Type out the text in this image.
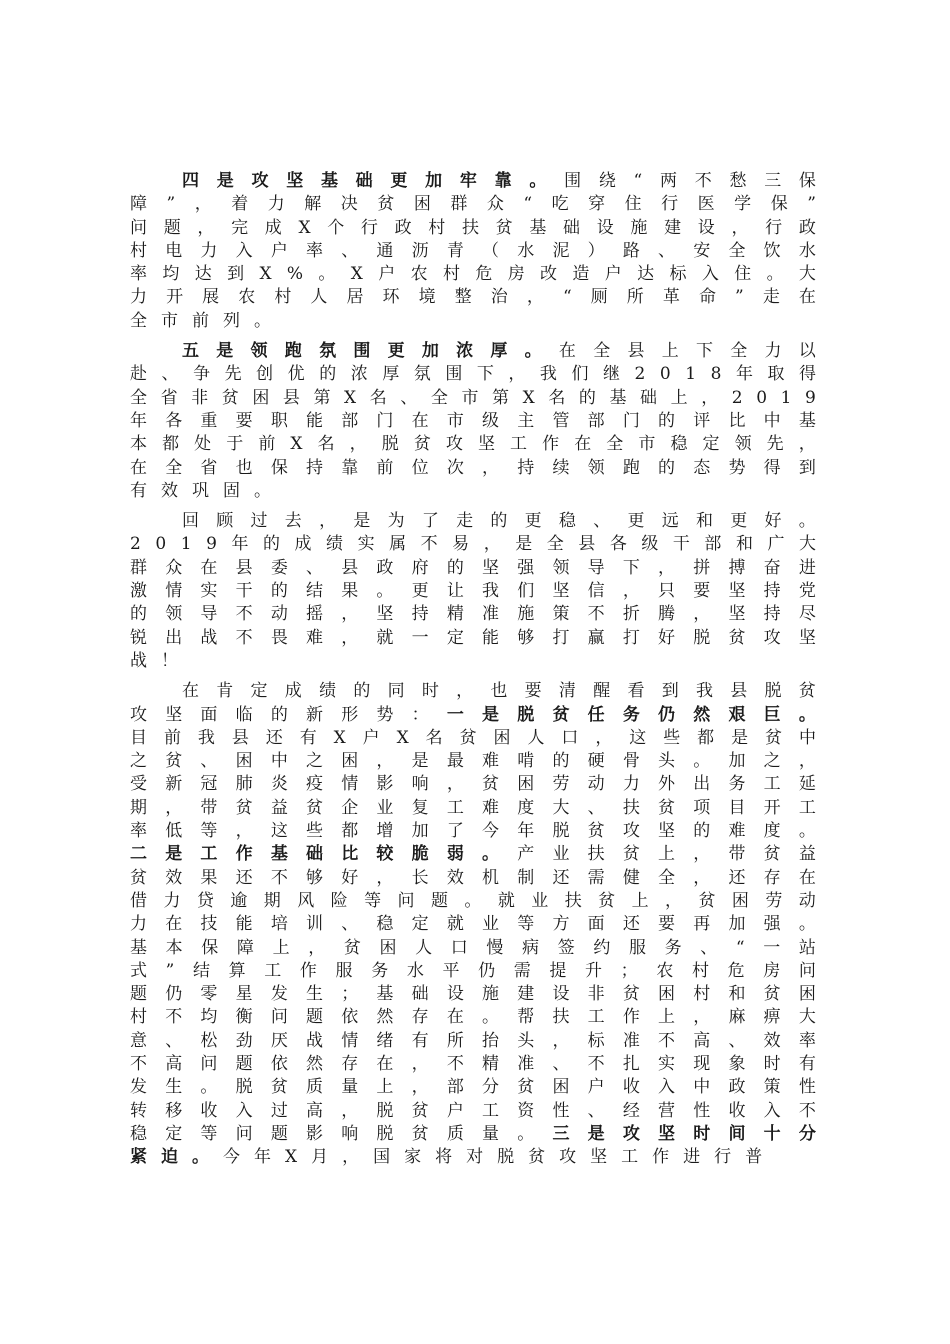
四 是 攻 坚 基 础 更 加 牢 靠 。 围 绕 “ 两 不 愁 三 保
障 ” ， 着 力 解 决 贫 困 群 众 “ 吃 穿 住 行 医 学 保 ”
问 题 ， 完 成 X 个 行 政 村 扶 贫 基 础 设 施 建 设 ， 行 政
村 电 力 入 户 率 、 通 沥 青 （ 水 泥 ） 路 、 安 全 饮 水
率 均 达 到 X % 。 X 户 农 村 危 房 改 造 户 达 标 入 住 。 大
力 开 展 农 村 人 居 环 境 整 治 ， “ 厕 所 革 命 ” 走 在
全 市 前 列 。
五 是 领 跑 氛 围 更 加 浓 厚 。 在 全 县 上 下 全 力 以
赴 、 争 先 创 优 的 浓 厚 氛 围 下 ， 我 们 继 2 0 1 8 年 取 得
全 省 非 贫 困 县 第 X 名 、 全 市 第 X 名 的 基 础 上 ， 2 0 1 9
年 各 重 要 职 能 部 门 在 市 级 主 管 部 门 的 评 比 中 基
本 都 处 于 前 X 名 ， 脱 贫 攻 坚 工 作 在 全 市 稳 定 领 先 ，
在 全 省 也 保 持 靠 前 位 次 ， 持 续 领 跑 的 态 势 得 到
有 效 巩 固 。
回 顾 过 去 ， 是 为 了 走 的 更 稳 、 更 远 和 更 好 。
2 0 1 9 年 的 成 绩 实 属 不 易 ， 是 全 县 各 级 干 部 和 广 大
群 众 在 县 委 、 县 政 府 的 坚 强 领 导 下 ， 拼 搏 奋 进
激 情 实 干 的 结 果 。 更 让 我 们 坚 信 ， 只 要 坚 持 党
的 领 导 不 动 摇 ， 坚 持 精 准 施 策 不 折 腾 ， 坚 持 尽
锐 出 战 不 畏 难 ， 就 一 定 能 够 打 赢 打 好 脱 贫 攻 坚
战 ！
在 肯 定 成 绩 的 同 时 ， 也 要 清 醒 看 到 我 县 脱 贫
攻 坚 面 临 的 新 形 势 ： 一 是 脱 贫 任 务 仍 然 艰 巨 。
目 前 我 县 还 有 X 户 X 名 贫 困 人 口 ， 这 些 都 是 贫 中
之 贫 、 困 中 之 困 ， 是 最 难 啃 的 硬 骨 头 。 加 之 ，
受 新 冠 肺 炎 疫 情 影 响 ， 贫 困 劳 动 力 外 出 务 工 延
期 ， 带 贫 益 贫 企 业 复 工 难 度 大 、 扶 贫 项 目 开 工
率 低 等 ， 这 些 都 增 加 了 今 年 脱 贫 攻 坚 的 难 度 。
二 是 工 作 基 础 比 较 脆 弱 。 产 业 扶 贫 上 ， 带 贫 益
贫 效 果 还 不 够 好 ， 长 效 机 制 还 需 健 全 ， 还 存 在
借 力 贷 逾 期 风 险 等 问 题 。 就 业 扶 贫 上 ， 贫 困 劳 动
力 在 技 能 培 训 、 稳 定 就 业 等 方 面 还 要 再 加 强 。
基 本 保 障 上 ， 贫 困 人 口 慢 病 签 约 服 务 、 “ 一 站
式 ” 结 算 工 作 服 务 水 平 仍 需 提 升 ； 农 村 危 房 问
题 仍 零 星 发 生 ； 基 础 设 施 建 设 非 贫 困 村 和 贫 困
村 不 均 衡 问 题 依 然 存 在 。 帮 扶 工 作 上 ， 麻 痹 大
意 、 松 劲 厌 战 情 绪 有 所 抬 头 ， 标 准 不 高 、 效 率
不 高 问 题 依 然 存 在 ， 不 精 准 、 不 扎 实 现 象 时 有
发 生 。 脱 贫 质 量 上 ， 部 分 贫 困 户 收 入 中 政 策 性
转 移 收 入 过 高 ， 脱 贫 户 工 资 性 、 经 营 性 收 入 不
稳 定 等 问 题 影 响 脱 贫 质 量 。 三 是 攻 坚 时 间 十 分
紧 迫 。 今 年 X 月 ， 国 家 将 对 脱 贫 攻 坚 工 作 进 行 普
